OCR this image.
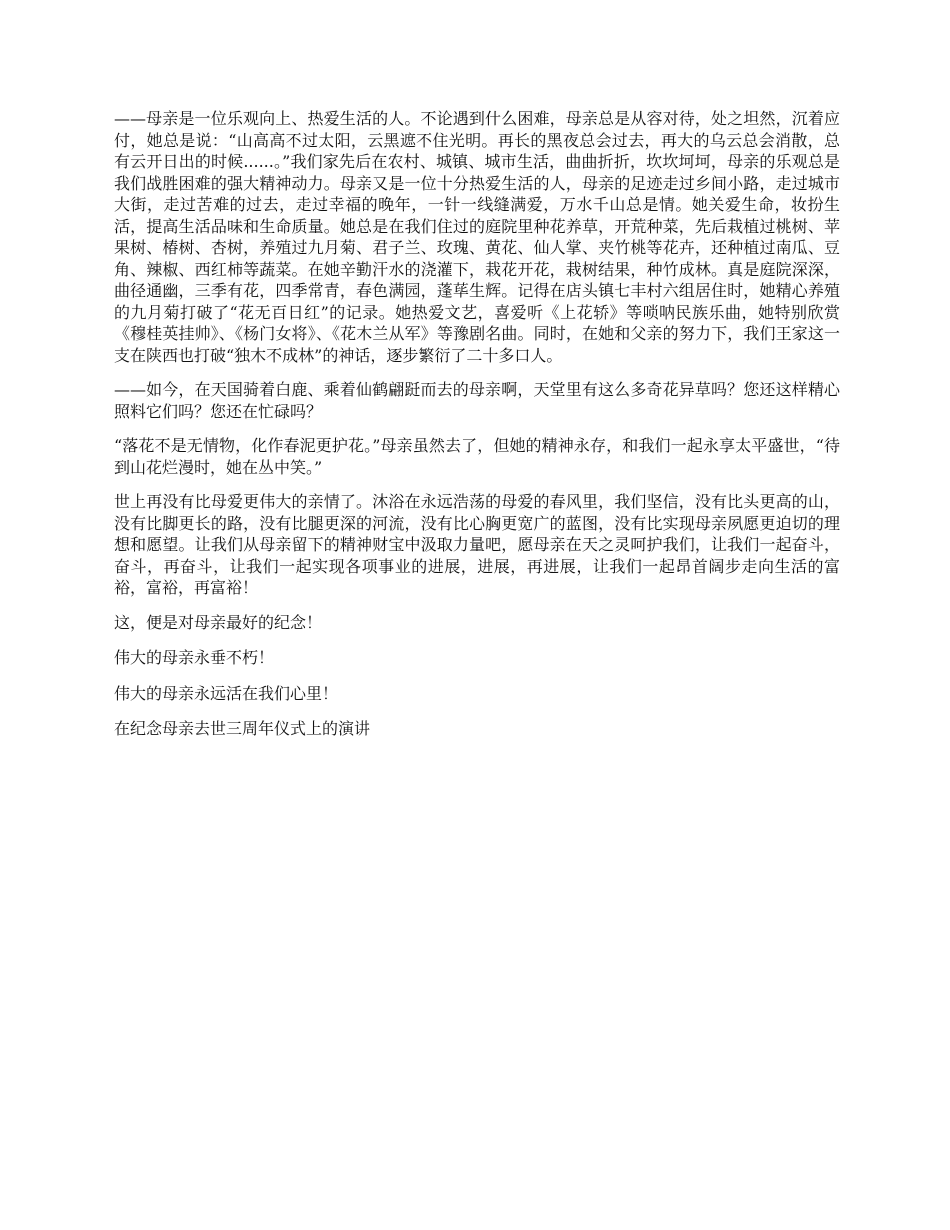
——母亲是一位乐观向上、热爱生活的人。不论遇到什么困难，母亲总是从容对待，处之坦然，沉着应付，她总是说：“山高高不过太阳，云黑遮不住光明。再长的黑夜总会过去，再大的乌云总会消散，总有云开日出的时候......。”我们家先后在农村、城镇、城市生活，曲曲折折，坎坎坷坷，母亲的乐观总是我们战胜困难的强大精神动力。母亲又是一位十分热爱生活的人，母亲的足迹走过乡间小路，走过城市大街，走过苦难的过去，走过幸福的晚年，一针一线缝满爱，万水千山总是情。她关爱生命，妆扮生活，提高生活品味和生命质量。她总是在我们住过的庭院里种花养草，开荒种菜，先后栽植过桃树、苹果树、椿树、杏树，养殖过九月菊、君子兰、玫瑰、黄花、仙人掌、夹竹桃等花卉，还种植过南瓜、豆角、辣椒、西红柿等蔬菜。在她辛勤汗水的浇灌下，栽花开花，栽树结果，种竹成林。真是庭院深深，曲径通幽，三季有花，四季常青，春色满园，蓬荜生辉。记得在店头镇七丰村六组居住时，她精心养殖的九月菊打破了“花无百日红”的记录。她热爱文艺，喜爱听《上花轿》等唢呐民族乐曲，她特别欣赏《穆桂英挂帅》、《杨门女将》、《花木兰从军》等豫剧名曲。同时，在她和父亲的努力下，我们王家这一支在陕西也打破“独木不成林”的神话，逐步繁衍了二十多口人。

——如今，在天国骑着白鹿、乘着仙鹤翩跹而去的母亲啊，天堂里有这么多奇花异草吗？您还这样精心照料它们吗？您还在忙碌吗？

“落花不是无情物，化作春泥更护花。”母亲虽然去了，但她的精神永存，和我们一起永享太平盛世，“待到山花烂漫时，她在丛中笑。”

世上再没有比母爱更伟大的亲情了。沐浴在永远浩荡的母爱的春风里，我们坚信，没有比头更高的山，没有比脚更长的路，没有比腿更深的河流，没有比心胸更宽广的蓝图，没有比实现母亲夙愿更迫切的理想和愿望。让我们从母亲留下的精神财宝中汲取力量吧，愿母亲在天之灵呵护我们，让我们一起奋斗，奋斗，再奋斗，让我们一起实现各项事业的进展，进展，再进展，让我们一起昂首阔步走向生活的富裕，富裕，再富裕！

这，便是对母亲最好的纪念！

伟大的母亲永垂不朽！

伟大的母亲永远活在我们心里！

在纪念母亲去世三周年仪式上的演讲
